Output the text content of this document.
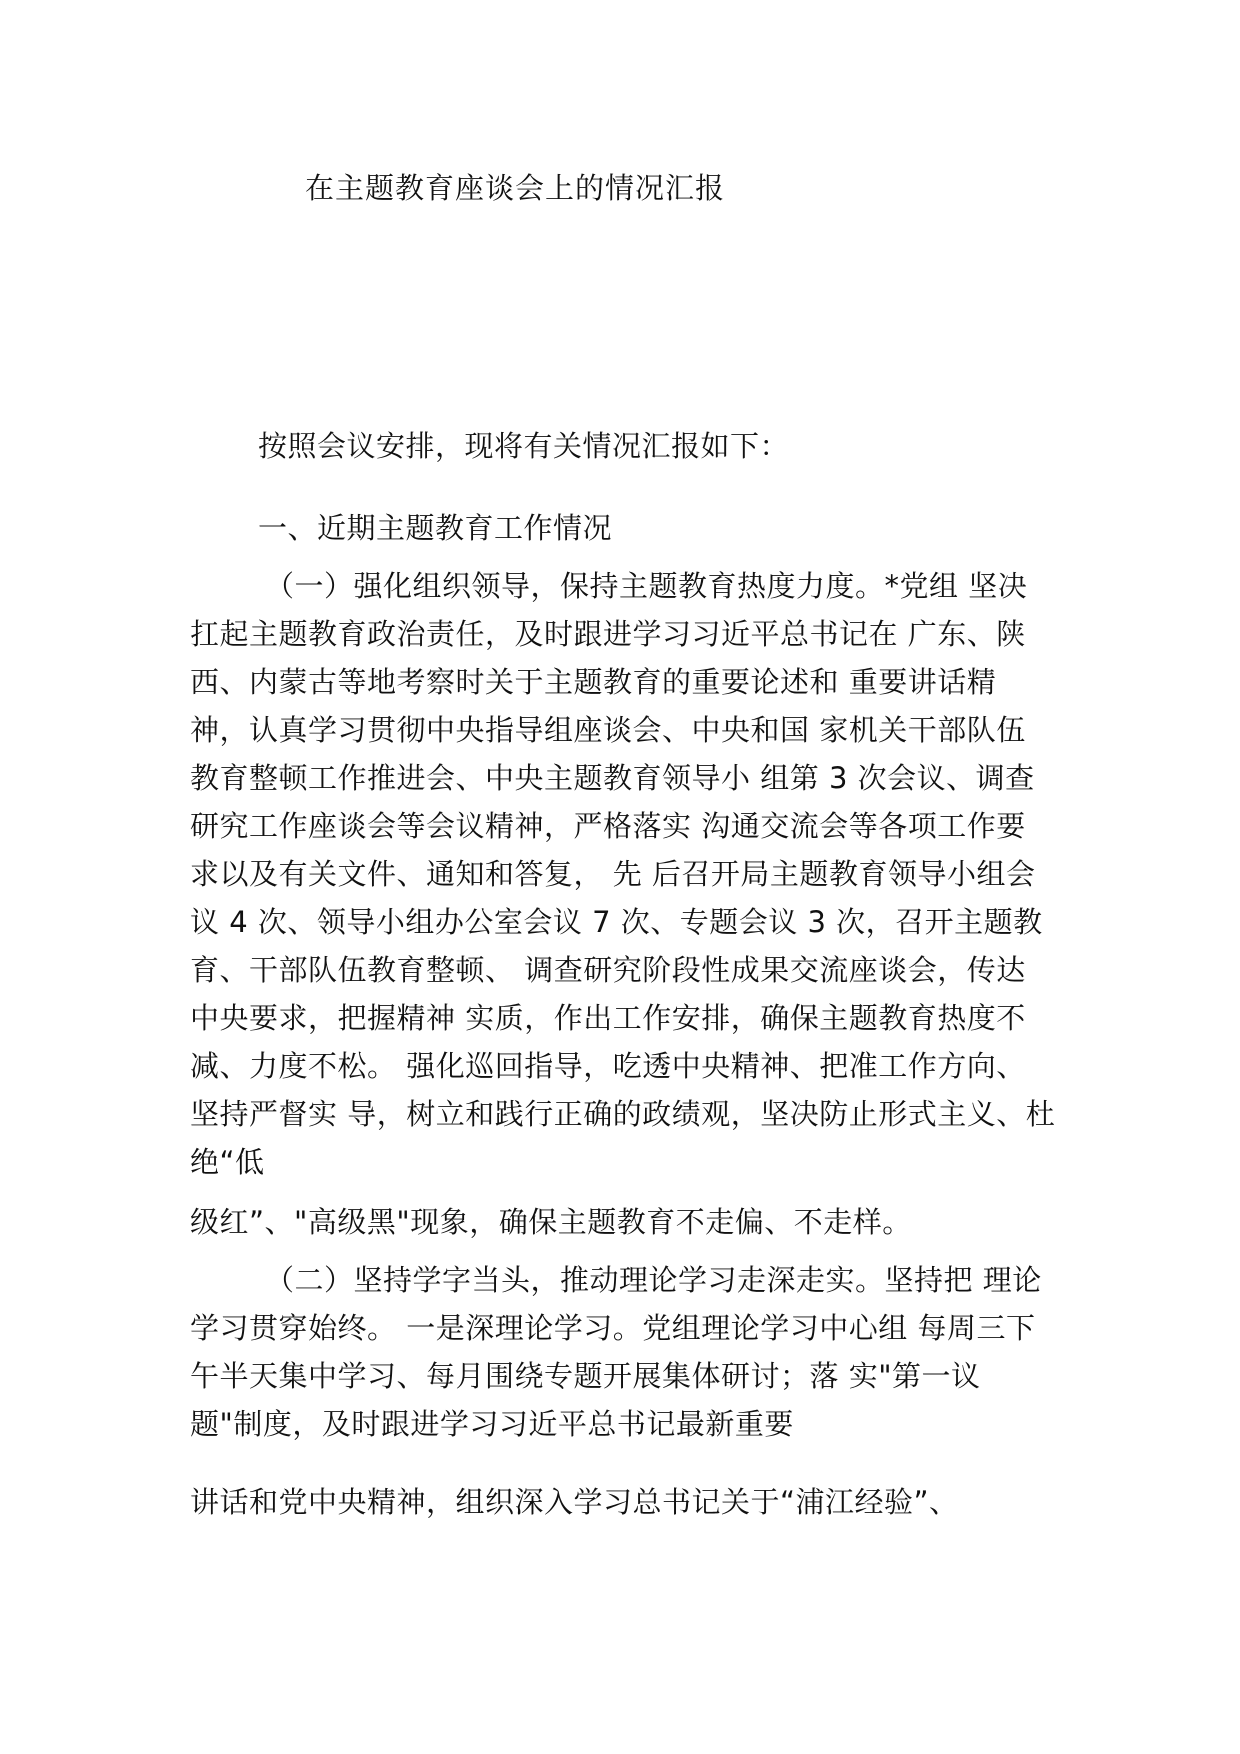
在主题教育座谈会上的情况汇报
按照会议安排，现将有关情况汇报如下：
一、近期主题教育工作情况
（一）强化组织领导，保持主题教育热度力度。*党组 坚决
扛起主题教育政治责任，及时跟进学习习近平总书记在 广东、陕
西、内蒙古等地考察时关于主题教育的重要论述和 重要讲话精
神，认真学习贯彻中央指导组座谈会、中央和国 家机关干部队伍
教育整顿工作推进会、中央主题教育领导小 组第 3 次会议、调查
研究工作座谈会等会议精神，严格落实 沟通交流会等各项工作要
求以及有关文件、通知和答复， 先 后召开局主题教育领导小组会
议 4 次、领导小组办公室会议 7 次、专题会议 3 次，召开主题教
育、干部队伍教育整顿、 调查研究阶段性成果交流座谈会，传达
中央要求，把握精神 实质，作出工作安排，确保主题教育热度不
减、力度不松。 强化巡回指导，吃透中央精神、把准工作方向、
坚持严督实 导，树立和践行正确的政绩观，坚决防止形式主义、杜
绝“低
级红”、"高级黑"现象，确保主题教育不走偏、不走样。
（二）坚持学字当头，推动理论学习走深走实。坚持把 理论
学习贯穿始终。 一是深理论学习。党组理论学习中心组 每周三下
午半天集中学习、每月围绕专题开展集体研讨；落 实"第一议
题"制度，及时跟进学习习近平总书记最新重要
讲话和党中央精神，组织深入学习总书记关于“浦江经验”、
